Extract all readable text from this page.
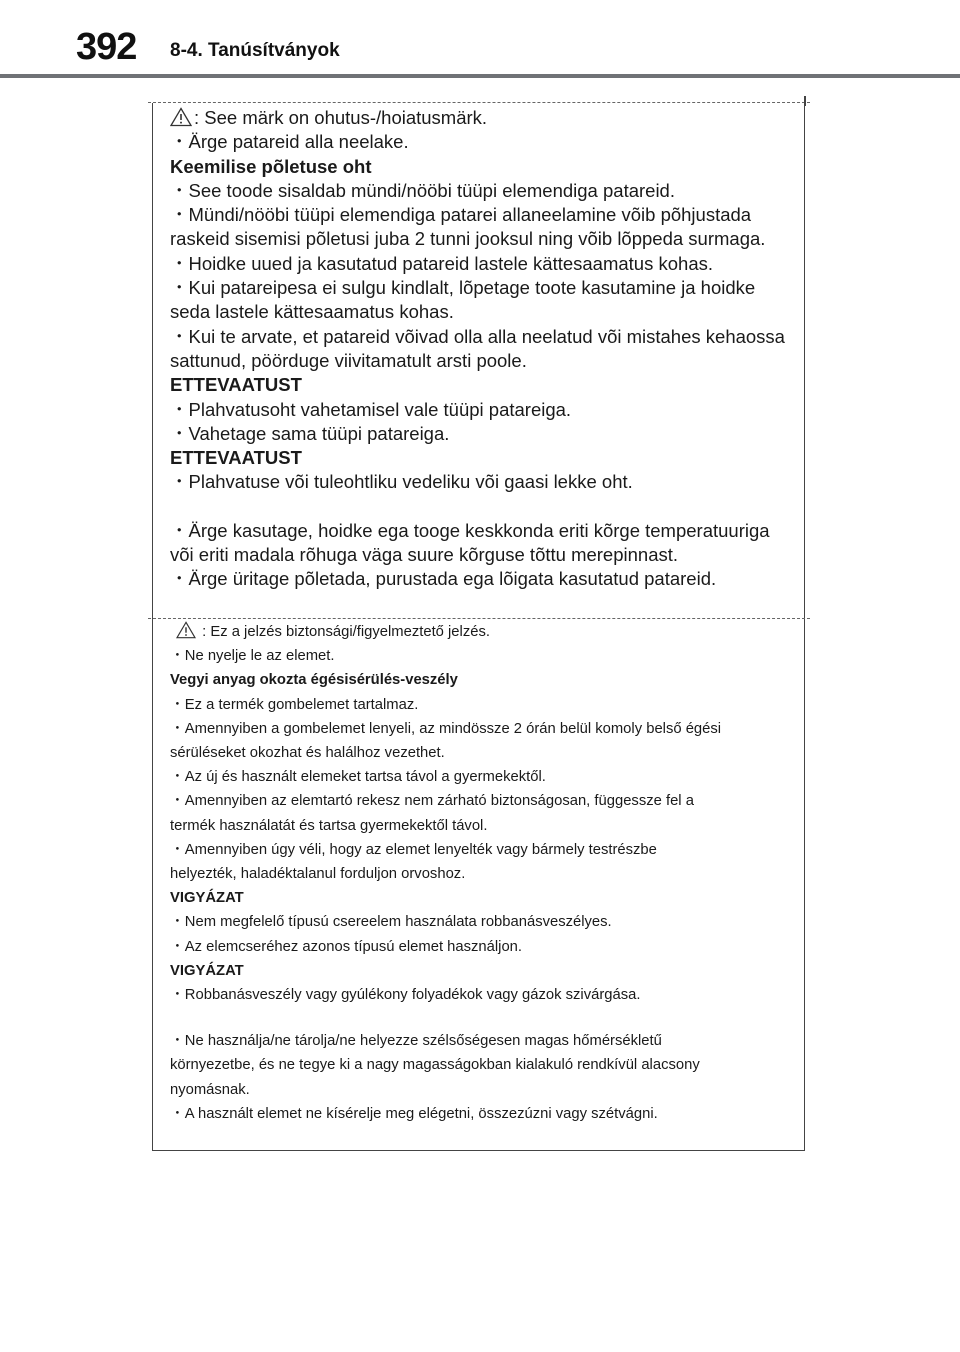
392 8-4. Tanúsítványok
: See märk on ohutus-/hoiatusmärk.
・Ärge patareid alla neelake.
Keemilise põletuse oht
・See toode sisaldab mündi/nööbi tüüpi elemendiga patareid.
・Mündi/nööbi tüüpi elemendiga patarei allaneelamine võib põhjustada
raskeid sisemisi põletusi juba 2 tunni jooksul ning võib lõppeda surmaga.
・Hoidke uued ja kasutatud patareid lastele kättesaamatus kohas.
・Kui patareipesa ei sulgu kindlalt, lõpetage toote kasutamine ja hoidke
seda lastele kättesaamatus kohas.
・Kui te arvate, et patareid võivad olla alla neelatud või mistahes kehaossa
sattunud, pöörduge viivitamatult arsti poole.
ETTEVAATUST
・Plahvatusoht vahetamisel vale tüüpi patareiga.
・Vahetage sama tüüpi patareiga.
ETTEVAATUST
・Plahvatuse või tuleohtliku vedeliku või gaasi lekke oht.
・Ärge kasutage, hoidke ega tooge keskkonda eriti kõrge temperatuuriga
või eriti madala rõhuga väga suure kõrguse tõttu merepinnast.
・Ärge üritage põletada, purustada ega lõigata kasutatud patareid.
: Ez a jelzés biztonsági/figyelmeztető jelzés.
・Ne nyelje le az elemet.
Vegyi anyag okozta égésisérülés-veszély
・Ez a termék gombelemet tartalmaz.
・Amennyiben a gombelemet lenyeli, az mindössze 2 órán belül komoly belső égési
sérüléseket okozhat és halálhoz vezethet.
・Az új és használt elemeket tartsa távol a gyermekektől.
・Amennyiben az elemtartó rekesz nem zárható biztonságosan, függessze fel a
termék használatát és tartsa gyermekektől távol.
・Amennyiben úgy véli, hogy az elemet lenyelték vagy bármely testrészbe
helyezték, haladéktalanul forduljon orvoshoz.
VIGYÁZAT
・Nem megfelelő típusú csereelem használata robbanásveszélyes.
・Az elemcseréhez azonos típusú elemet használjon.
VIGYÁZAT
・Robbanásveszély vagy gyúlékony folyadékok vagy gázok szivárgása.
・Ne használja/ne tárolja/ne helyezze szélsőségesen magas hőmérsékletű
környezetbe, és ne tegye ki a nagy magasságokban kialakuló rendkívül alacsony
nyomásnak.
・A használt elemet ne kísérelje meg elégetni, összezúzni vagy szétvágni.
